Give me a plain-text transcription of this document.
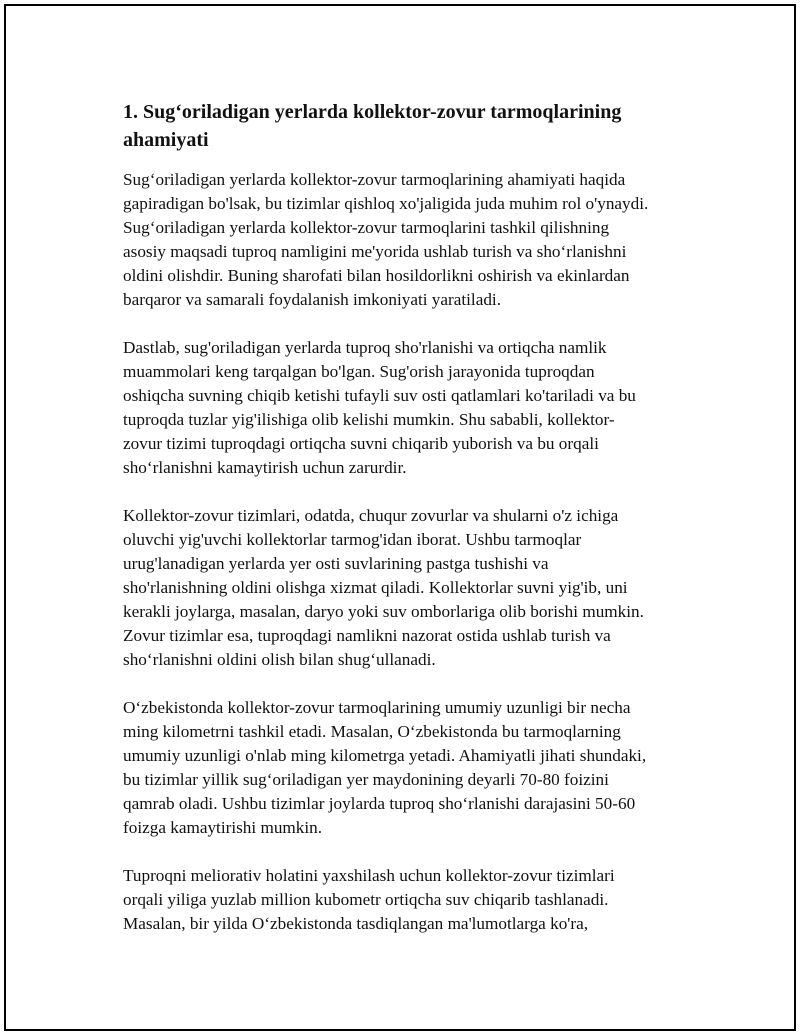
1. Sug‘oriladigan yerlarda kollektor-zovur tarmoqlarining
ahamiyati

Sug‘oriladigan yerlarda kollektor-zovur tarmoqlarining ahamiyati haqida
gapiradigan bo'lsak, bu tizimlar qishloq xo'jaligida juda muhim rol o'ynaydi.
Sug‘oriladigan yerlarda kollektor-zovur tarmoqlarini tashkil qilishning
asosiy maqsadi tuproq namligini me'yorida ushlab turish va sho‘rlanishni
oldini olishdir. Buning sharofati bilan hosildorlikni oshirish va ekinlardan
barqaror va samarali foydalanish imkoniyati yaratiladi.

Dastlab, sug'oriladigan yerlarda tuproq sho'rlanishi va ortiqcha namlik
muammolari keng tarqalgan bo'lgan. Sug'orish jarayonida tuproqdan
oshiqcha suvning chiqib ketishi tufayli suv osti qatlamlari ko'tariladi va bu
tuproqda tuzlar yig'ilishiga olib kelishi mumkin. Shu sababli, kollektor-
zovur tizimi tuproqdagi ortiqcha suvni chiqarib yuborish va bu orqali
sho‘rlanishni kamaytirish uchun zarurdir.

Kollektor-zovur tizimlari, odatda, chuqur zovurlar va shularni o'z ichiga
oluvchi yig'uvchi kollektorlar tarmog'idan iborat. Ushbu tarmoqlar
urug'lanadigan yerlarda yer osti suvlarining pastga tushishi va
sho'rlanishning oldini olishga xizmat qiladi. Kollektorlar suvni yig'ib, uni
kerakli joylarga, masalan, daryo yoki suv omborlariga olib borishi mumkin.
Zovur tizimlar esa, tuproqdagi namlikni nazorat ostida ushlab turish va
sho‘rlanishni oldini olish bilan shug‘ullanadi.

O‘zbekistonda kollektor-zovur tarmoqlarining umumiy uzunligi bir necha
ming kilometrni tashkil etadi. Masalan, O‘zbekistonda bu tarmoqlarning
umumiy uzunligi o'nlab ming kilometrga yetadi. Ahamiyatli jihati shundaki,
bu tizimlar yillik sug‘oriladigan yer maydonining deyarli 70-80 foizini
qamrab oladi. Ushbu tizimlar joylarda tuproq sho‘rlanishi darajasini 50-60
foizga kamaytirishi mumkin.

Tuproqni meliorativ holatini yaxshilash uchun kollektor-zovur tizimlari
orqali yiliga yuzlab million kubometr ortiqcha suv chiqarib tashlanadi.
Masalan, bir yilda O‘zbekistonda tasdiqlangan ma'lumotlarga ko'ra,
